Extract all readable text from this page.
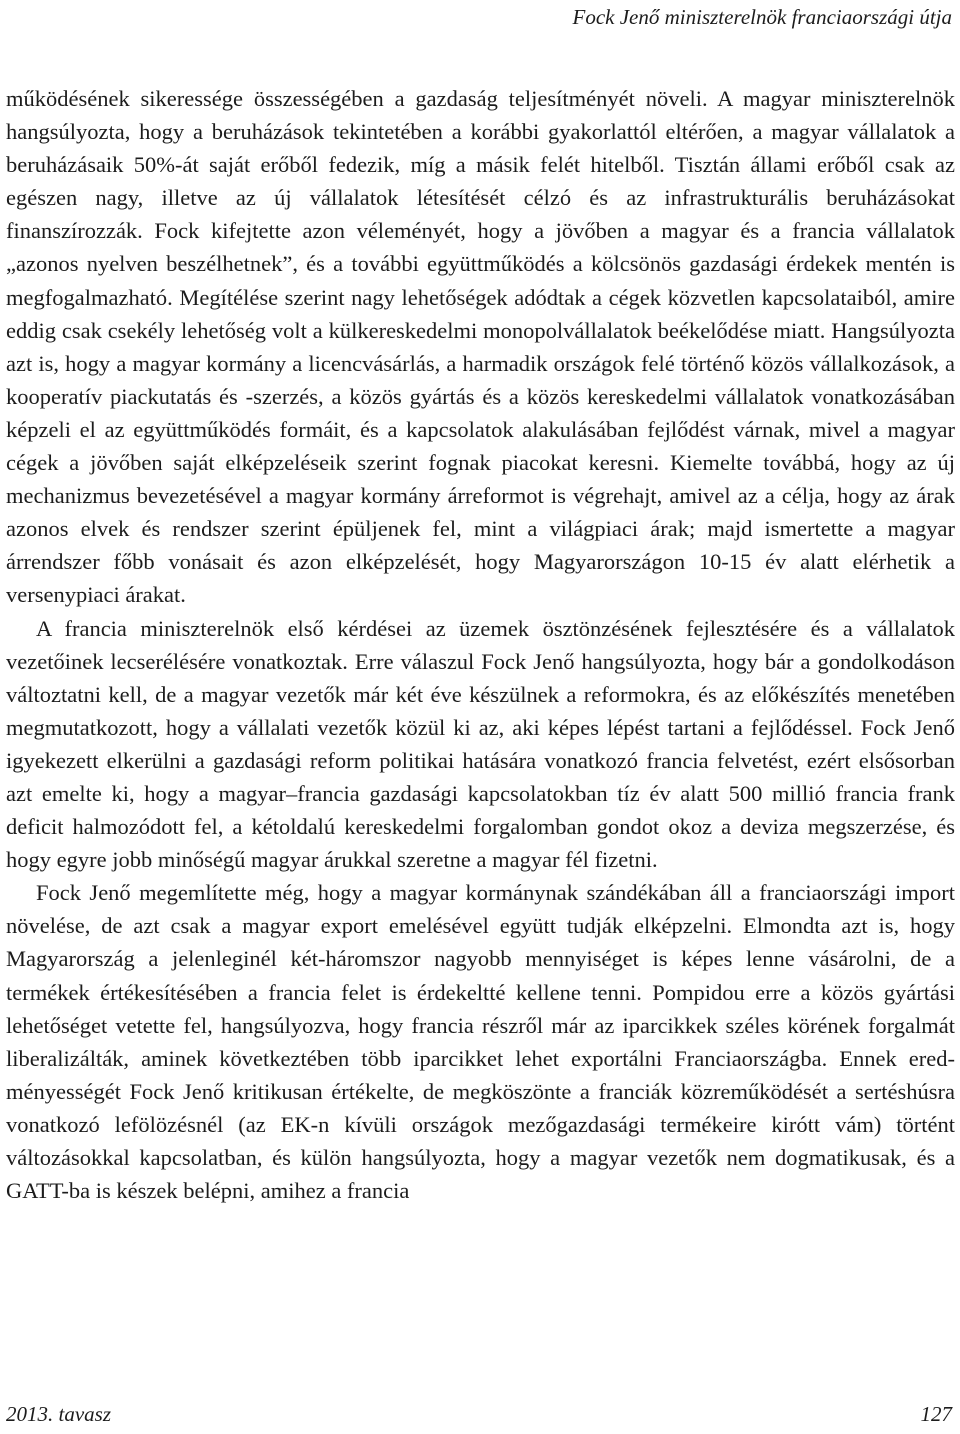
Fock Jenő miniszterelnök franciaországi útja

működésének sikeressége összességében a gazdaság teljesítményét növeli. A magyar miniszterelnök hangsúlyozta, hogy a beruházások tekintetében a korábbi gyakorlattól eltérően, a magyar vállalatok a beruházásaik 50%-át saját erőből fedezik, míg a másik felét hitelből. Tisztán állami erőből csak az egészen nagy, illetve az új vállalatok létesítését célzó és az infrastrukturális beruházásokat finanszírozzák. Fock kifejtette azon véleményét, hogy a jövőben a magyar és a francia vállalatok „azonos nyelven beszélhetnek”, és a további együttműködés a kölcsönös gazdasági érdekek mentén is megfogalmazható. Megítélése szerint nagy lehetőségek adódtak a cégek közvetlen kapcsolataiból, amire eddig csak csekély lehetőség volt a külkereskedelmi monopolvállalatok beékelődése miatt. Hangsúlyozta azt is, hogy a magyar kormány a licencvásárlás, a harmadik országok felé történő közös vállalkozások, a kooperatív piackutatás és -szerzés, a közös gyártás és a közös kereskedelmi vállalatok vonatkozásában képzeli el az együttműködés formáit, és a kapcsolatok alakulásában fejlődést várnak, mivel a magyar cégek a jövőben saját elképzeléseik szerint fognak piacokat keresni. Kiemelte továbbá, hogy az új mechanizmus bevezetésével a magyar kormány árreformot is végrehajt, amivel az a célja, hogy az árak azonos elvek és rendszer szerint épüljenek fel, mint a világpiaci árak; majd ismertette a magyar árrendszer főbb vonásait és azon elképzelését, hogy Magyarországon 10-15 év alatt elérhetik a versenypiaci árakat.

A francia miniszterelnök első kérdései az üzemek ösztönzésének fejlesztésére és a vállalatok vezetőinek lecserélésére vonatkoztak. Erre válaszul Fock Jenő hangsúlyozta, hogy bár a gondolkodáson változtatni kell, de a magyar vezetők már két éve készülnek a reformokra, és az előkészítés menetében megmutatkozott, hogy a vállalati vezetők közül ki az, aki képes lépést tartani a fejlődéssel. Fock Jenő igyekezett elkerülni a gazdasági reform politikai hatására vonatkozó francia felvetést, ezért elsősorban azt emelte ki, hogy a magyar–francia gazdasági kapcsolatokban tíz év alatt 500 millió francia frank deficit halmozódott fel, a kétoldalú kereskedelmi forgalomban gondot okoz a deviza megszerzése, és hogy egyre jobb minőségű magyar árukkal szeretne a magyar fél fizetni.

Fock Jenő megemlítette még, hogy a magyar kormánynak szándékában áll a franciaországi import növelése, de azt csak a magyar export emelésével együtt tudják elképzelni. Elmondta azt is, hogy Magyarország a jelenleginél két-háromszor nagyobb mennyiséget is képes lenne vásárolni, de a termékek értékesítésében a francia felet is érdekeltté kellene tenni. Pompidou erre a közös gyártási lehetőséget vetette fel, hangsúlyozva, hogy francia részről már az iparcikkek széles körének forgalmát liberalizálták, aminek következtében több iparcikket lehet exportálni Franciaországba. Ennek eredményességét Fock Jenő kritikusan értékelte, de megköszönte a franciák közreműködését a sertéshúsra vonatkozó lefölözésnél (az EK-n kívüli országok mezőgazdasági termékeire kirótt vám) történt változásokkal kapcsolatban, és külön hangsúlyozta, hogy a magyar vezetők nem dogmatikusak, és a GATT-ba is készek belépni, amihez a francia

2013. tavasz	127
